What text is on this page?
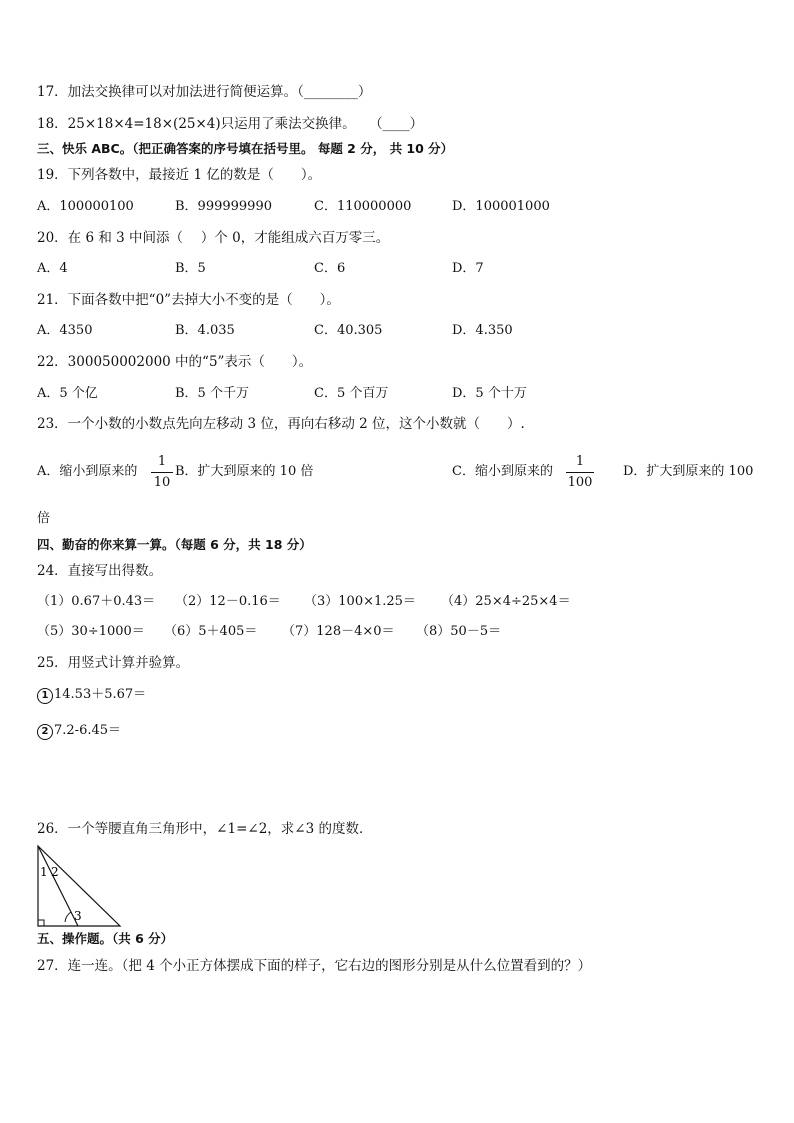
17．加法交换律可以对加法进行简便运算。（________）
18．25×18×4=18×(25×4)只运用了乘法交换律。　　（____）
三、快乐 ABC。（把正确答案的序号填在括号里。 每题 2 分， 共 10 分）
19．下列各数中，最接近 1 亿的数是（　　）。
A．100000100	B．999999990	C．110000000	D．100001000
20．在 6 和 3 中间添（　 ）个 0，才能组成六百万零三。
A．4	B．5	C．6	D．7
21．下面各数中把“0”去掉大小不变的是（　　）。
A．4350	B．4.035	C．40.305	D．4.350
22．300050002000 中的“5”表示（　　）。
A．5 个亿	B．5 个千万	C．5 个百万	D．5 个十万
23．一个小数的小数点先向左移动 3 位，再向右移动 2 位，这个小数就（　　）.
A．缩小到原来的
1
10
B．扩大到原来的 10 倍	C．缩小到原来的
1
100
D．扩大到原来的 100
倍
四、勤奋的你来算一算。（每题 6 分，共 18 分）
24．直接写出得数。
（1）0.67＋0.43＝ （2）12－0.16＝ （3）100×1.25＝ （4）25×4÷25×4＝
（5）30÷1000＝ （6）5＋405＝ （7）128－4×0＝ （8）50－5＝
25．用竖式计算并验算。
1 14.53＋5.67＝
2 7.2-6.45＝
26．一个等腰直角三角形中，∠1=∠2，求∠3 的度数．
1 2
3
五、操作题。（共 6 分）
27．连一连。（把 4 个小正方体摆成下面的样子，它右边的图形分别是从什么位置看到的？）
